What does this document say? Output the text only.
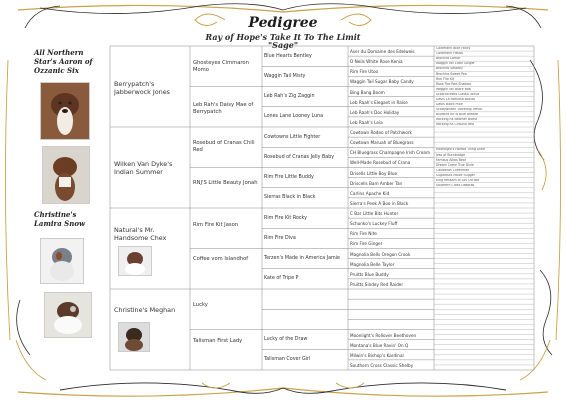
Pedigree
Ray of Hope's Take It To The Limit
"Sage"
All Northern Star's Aaron of Ozzanic Six
Christine's Lamira Snow
Berrypatch's Jabberwock Jones
Wilken Van Dyke's Indian Summer
Natural's Mr. Handsome Chex
Christine's Meghan
Ghosteyes Cimmaron Momo
Leb Rah's Daisy Mae of Berrypatch
Rosebud of Cranas Chili Red
RNJ'S Little Beauty Jonah
Rim Fire Kit Jason
Coffee vom Islandhof
Lucky
Talisman First Lady
Blue Hearts Bentley
Waggin Tail Misty
Leb Rah's Zig Zaggin
Lones Lane Looney Luna
Cowtowns Little Fighter
Rosebud of Cranas Jelly Baby
Rim Fire Little Buddy
Sierras Black in Black
Rim Fire Kit Rocky
Rim Fire Diva
Terzen's Made in America Jamie
Kate of Tripe P
Lucky of the Draw
Talisman Cover Girl
Aser du Domaine des Edelweis
O Neils White Rose Kenia
Rim Fire Utoo
Waggin Tail Sugar Baby Candy
Bing Bang Boom
Leb Raah's Elegant in Raise
Leb Raah's Doc Holiday
Leb Raah's Leia
Cowtown Rodeo of Patchwork
Cowtown Maruah of Bluegrass
CH Bluegrass Champagne Irish Cream
Well-Made Rosebud of Crana
Drisells Little Boy Blue
Driscells Bam Amber Tan
Carlins Apache Kid
Sierra's Peek A Boo in Black
C Bar Little Bits Hunter
Schunko's Luckey Fluff
Rim Fire Nite
Rim Fire Ginger
Magnolia Bells Oregon Crook
Magnolia Belle Taylor
Pruitts Blue Buddy
Pruitts Sindey Red Raider
Moonlight's Rollover Beethoven
Montana's Blue Ravin' On Q
Milwin's Bishop's Kardinal
Southern Cross Classic Shelby
Coldmann Blue Fancy
Coldmann Helios
Brochiro Lamar
Waggin Tail Little Ginger
Brochiro Smokey
Brochiro Sweet Pea
Rim Fire Kit
Rose Fire Red Shadow
Waggin Tail Black Bob
Scotchcreeks Classic Annie
Davis La Famiosa Bonito
Davis Black Pixie
Scott/Wilden Traveling Trevor
Bluebird Kit N Blue Breeze
Rocking Rs Beamer Blond
Rocking Rs Chauna Hea
Moonlight's Hotrod Thing Dixie
Jess of Burnbridge
Famous Aikos Bear
Dream Come True Dixie
Cavaleros Cheerman
Sugarbuts Maize Sugger
King Reskam of Los Christe
Southern Cross Dakotas
